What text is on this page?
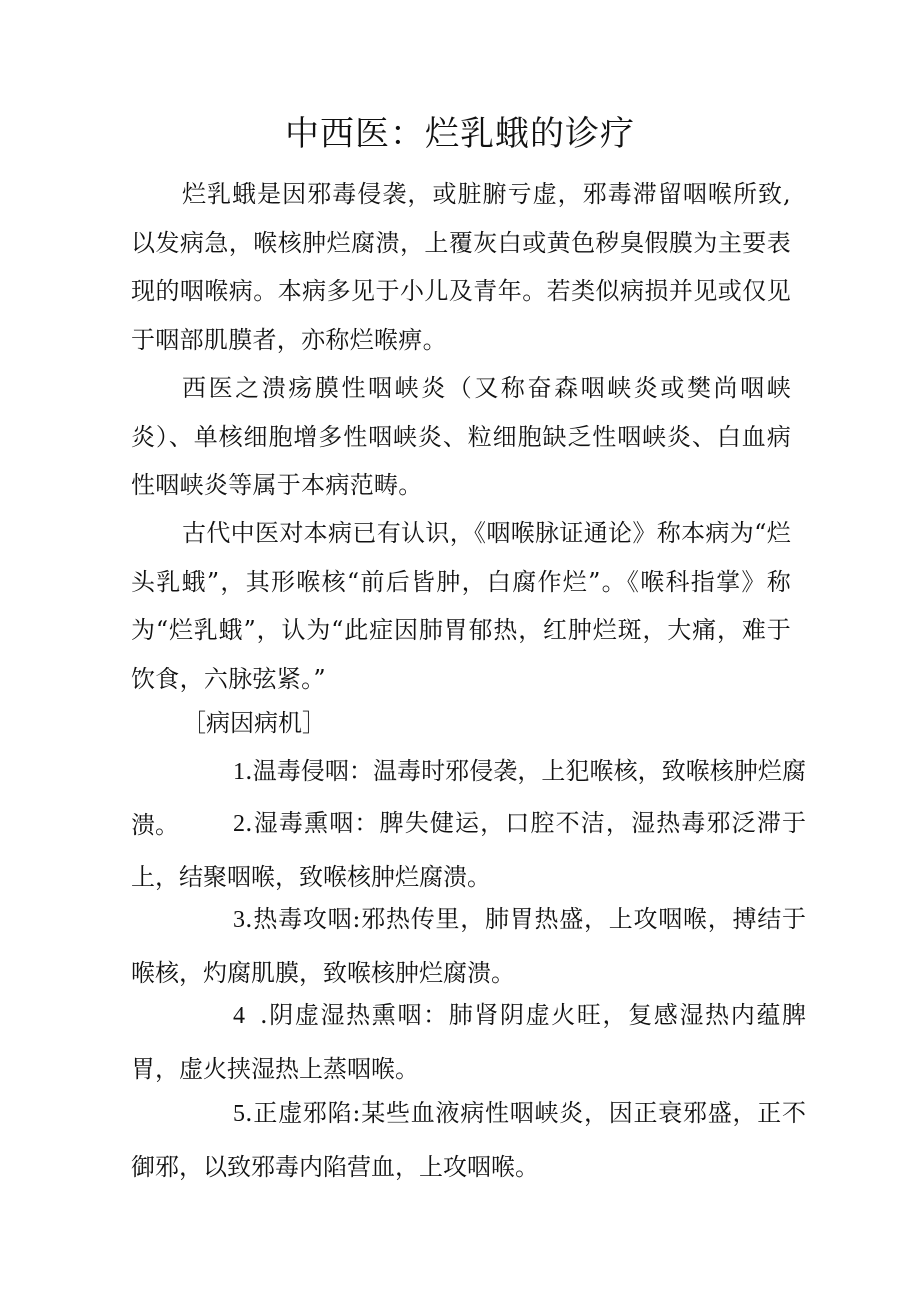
中西医：烂乳蛾的诊疗

烂乳蛾是因邪毒侵袭，或脏腑亏虚，邪毒滞留咽喉所致,以发病急，喉核肿烂腐溃，上覆灰白或黄色秽臭假膜为主要表现的咽喉病。本病多见于小儿及青年。若类似病损并见或仅见于咽部肌膜者，亦称烂喉痹。

西医之溃疡膜性咽峡炎（又称奋森咽峡炎或樊尚咽峡炎）、单核细胞增多性咽峡炎、粒细胞缺乏性咽峡炎、白血病性咽峡炎等属于本病范畴。

古代中医对本病已有认识，《咽喉脉证通论》称本病为“烂头乳蛾”，其形喉核“前后皆肿，白腐作烂”。《喉科指掌》称为“烂乳蛾”，认为“此症因肺胃郁热，红肿烂斑，大痛，难于饮食，六脉弦紧。”

［病因病机］

1.温毒侵咽：温毒时邪侵袭，上犯喉核，致喉核肿烂腐溃。	2.湿毒熏咽：脾失健运，口腔不洁，湿热毒邪泛滞于上，结聚咽喉，致喉核肿烂腐溃。

3.热毒攻咽:邪热传里，肺胃热盛，上攻咽喉，搏结于喉核，灼腐肌膜，致喉核肿烂腐溃。

4 .阴虚湿热熏咽：肺肾阴虚火旺，复感湿热内蕴脾胃，虚火挟湿热上蒸咽喉。

5.正虚邪陷:某些血液病性咽峡炎，因正衰邪盛，正不御邪，以致邪毒内陷营血，上攻咽喉。
